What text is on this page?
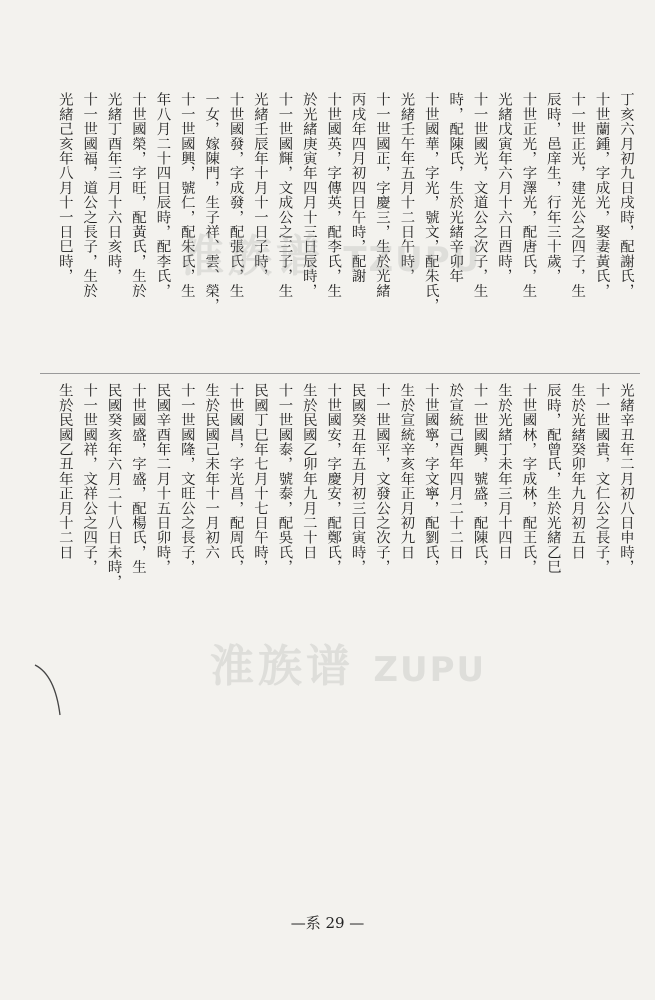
丁亥六月初九日戌時，配謝氏，
十世蘭鍾，字成光，娶妻黃氏，
十一世正光，建光公之四子，生
辰時，邑庠生，行年三十歲，
十世正光，字澤光，配唐氏，生
光緒戊寅年六月十六日酉時，
十一世國光，文道公之次子，生
時，配陳氏，生於光緒辛卯年
十世國華，字光，號文，配朱氏，
光緒壬午年五月十二日午時，
十一世國正，字慶三，生於光緒
丙戌年四月初四日午時，配謝
十世國英，字傳英，配李氏，生
於光緒庚寅年四月十三日辰時，
十一世國輝，文成公之三子，生
光緒壬辰年十月十一日子時，
十世國發，字成發，配張氏，生
一女，嫁陳門，生子祥、雲、榮，
十一世國興，號仁，配朱氏，生
年八月二十四日辰時，配李氏，
十世國榮，字旺，配黃氏，生於
光緒丁酉年三月十六日亥時，
十一世國福，道公之長子，生於
光緒己亥年八月十一日巳時，
光緒辛丑年二月初八日申時，
十一世國貴，文仁公之長子，
生於光緒癸卯年九月初五日
辰時，配曾氏，生於光緒乙巳
十世國林，字成林，配王氏，
生於光緒丁未年三月十四日
十一世國興，號盛，配陳氏，
於宣統己酉年四月二十二日
十世國寧，字文寧，配劉氏，
生於宣統辛亥年正月初九日
十一世國平，文發公之次子，
民國癸丑年五月初三日寅時，
十世國安，字慶安，配鄭氏，
生於民國乙卯年九月二十日
十一世國泰，號泰，配吳氏，
民國丁巳年七月十七日午時，
十世國昌，字光昌，配周氏，
生於民國己未年十一月初六
十一世國隆，文旺公之長子，
民國辛酉年二月十五日卯時，
十世國盛，字盛，配楊氏，生
民國癸亥年六月二十八日未時，
十一世國祥，文祥公之四子，
生於民國乙丑年正月十二日
淮族谱 TZUPU
淮族谱 ZUPU
—系 29 —
